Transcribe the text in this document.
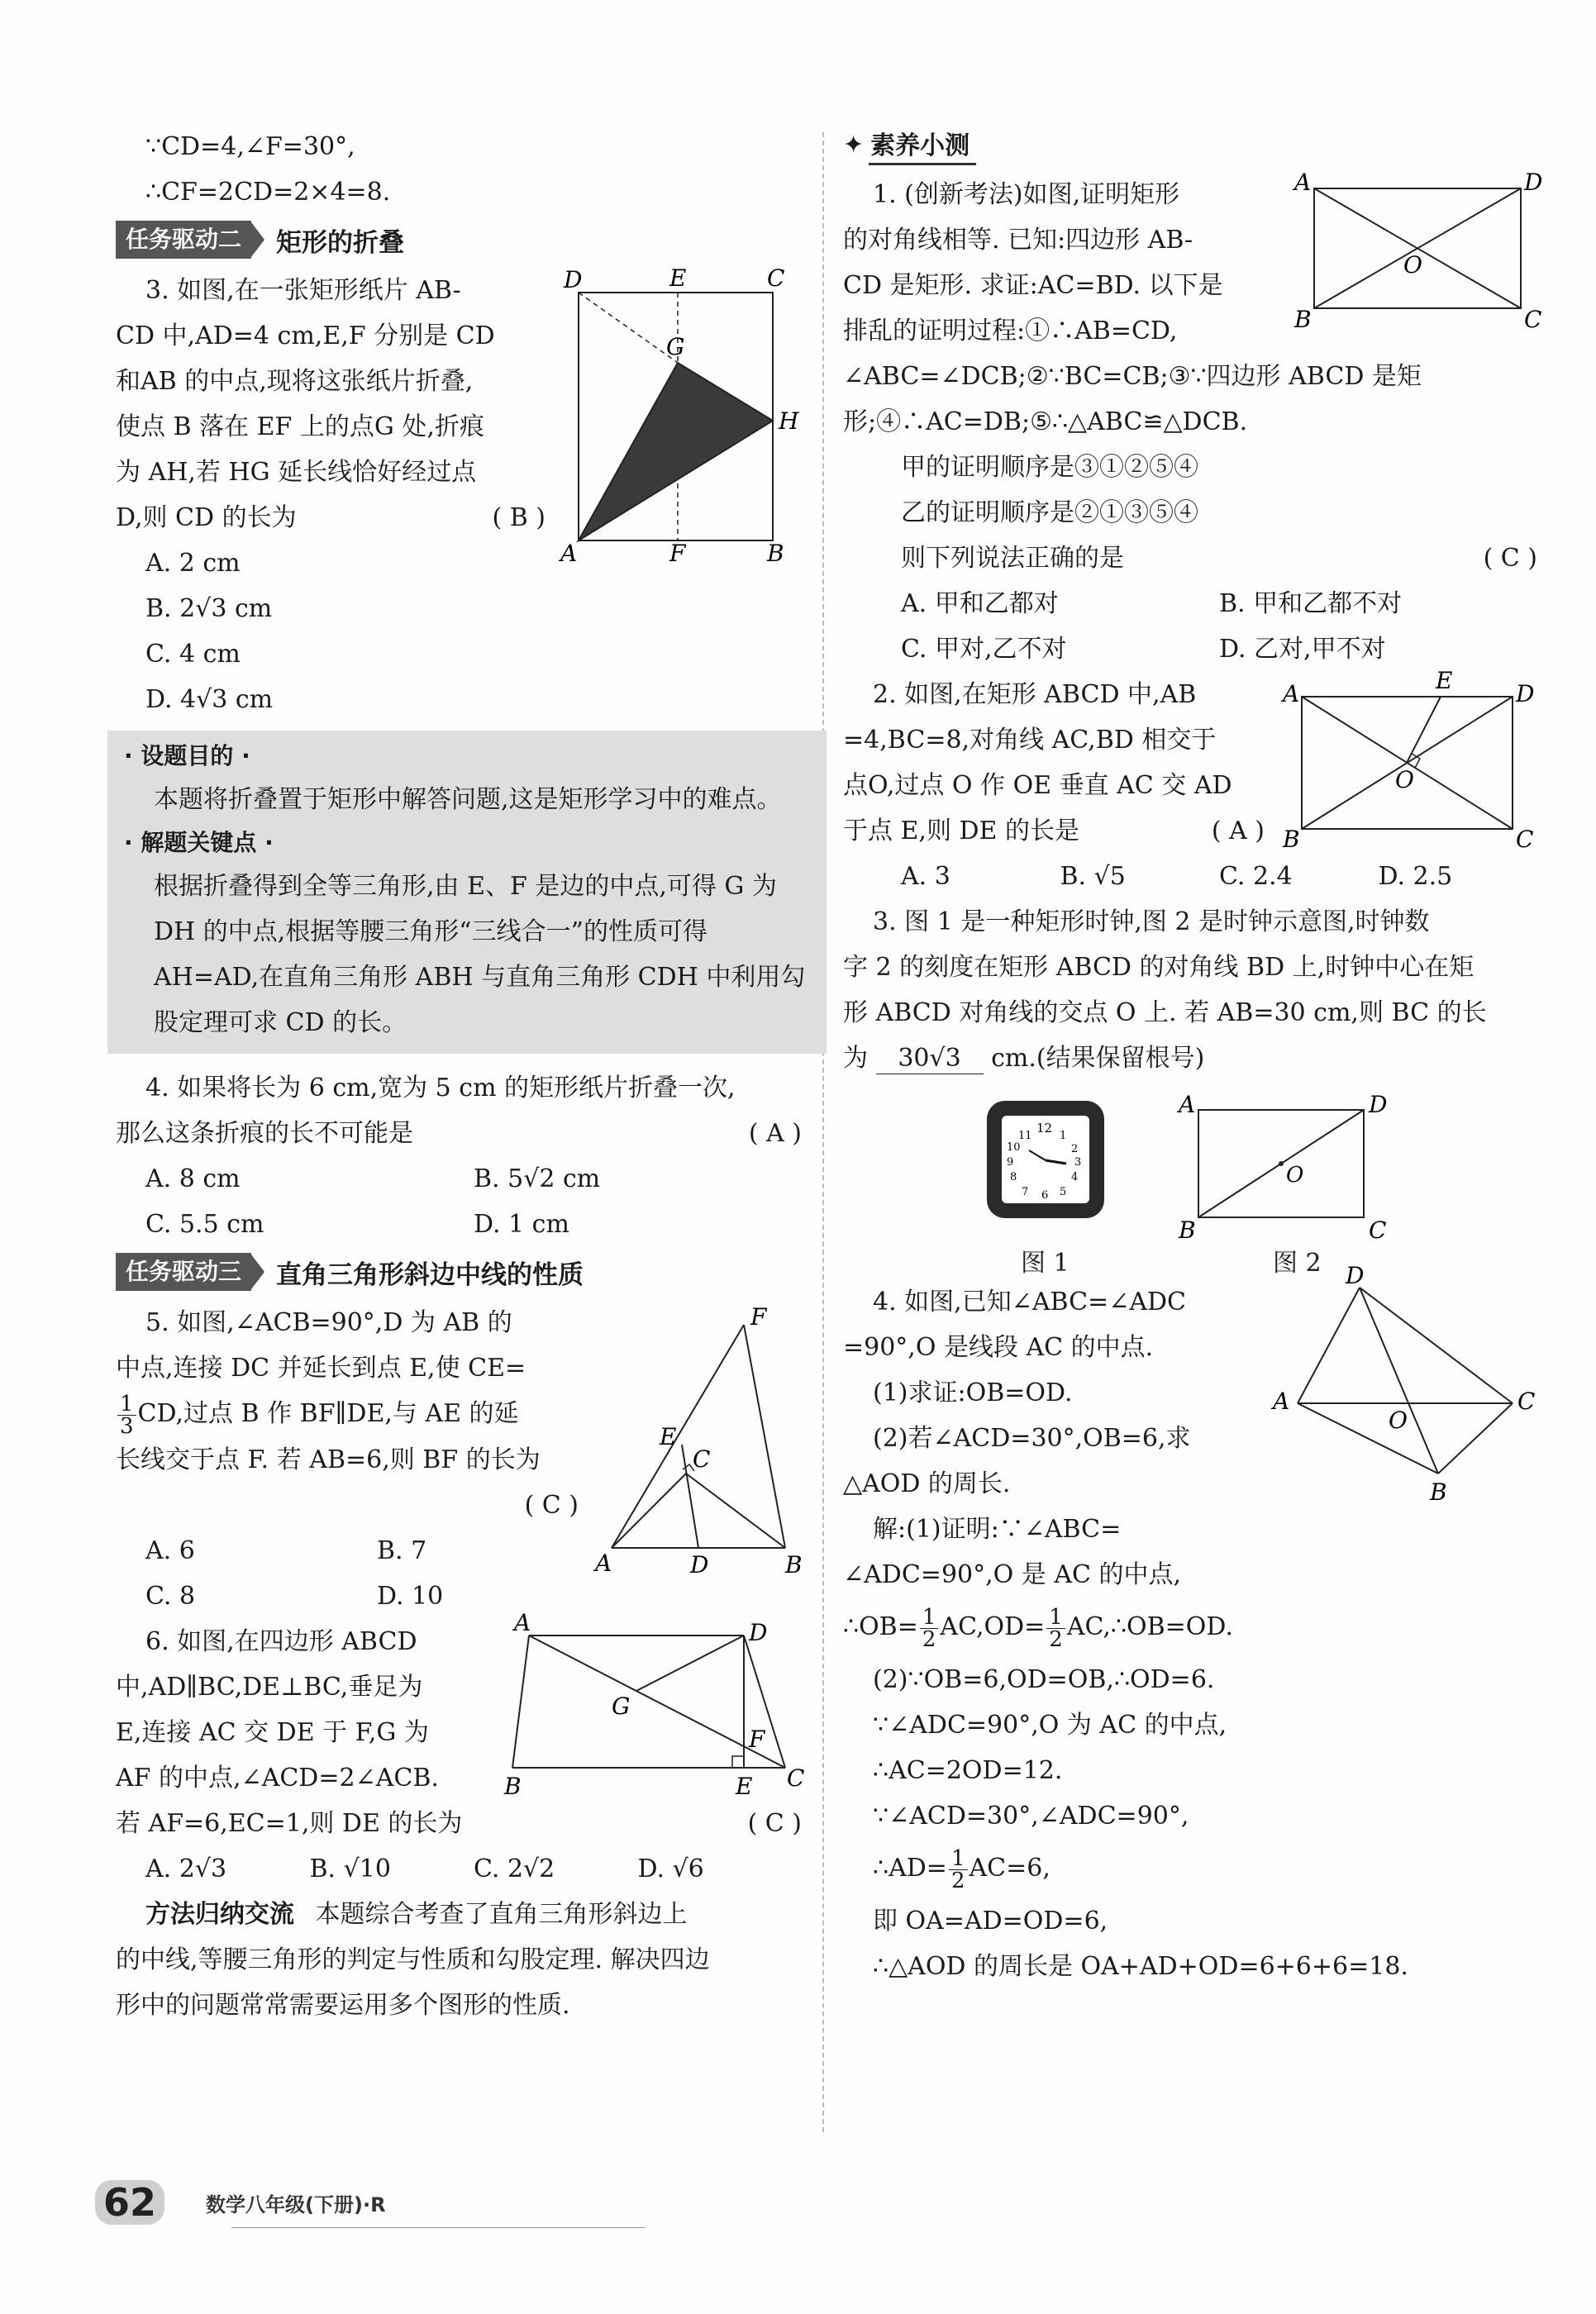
∵CD=4,∠F=30°,
∴CF=2CD=2×4=8.
任务驱动二	矩形的折叠
3. 如图,在一张矩形纸片 AB-
CD 中,AD=4 cm,E,F 分别是 CD
和AB 的中点,现将这张纸片折叠,
使点 B 落在 EF 上的点G 处,折痕
为 AH,若 HG 延长线恰好经过点
D,则 CD 的长为	( B )
A. 2 cm
B. 2√3 cm
C. 4 cm
D. 4√3 cm
D	E	C
G
H
A	F	B
· 设题目的 ·
本题将折叠置于矩形中解答问题,这是矩形学习中的难点。
· 解题关键点 ·
根据折叠得到全等三角形,由 E、F 是边的中点,可得 G 为 DH 的中点,根据等腰三角形“三线合一”的性质可得 AH=AD,在直角三角形 ABH 与直角三角形 CDH 中利用勾股定理可求 CD 的长。
4. 如果将长为 6 cm,宽为 5 cm 的矩形纸片折叠一次,
那么这条折痕的长不可能是	( A )
A. 8 cm	B. 5√2 cm
C. 5.5 cm	D. 1 cm
任务驱动三	直角三角形斜边中线的性质
5. 如图,∠ACB=90°,D 为 AB 的
中点,连接 DC 并延长到点 E,使 CE=
$\frac{1}{3}$ CD,过点 B 作 BF∥DE,与 AE 的延
长线交于点 F. 若 AB=6,则 BF 的长为
( C )
A. 6	B. 7
C. 8	D. 10
F
E
C
A	D	B
6. 如图,在四边形 ABCD
中,AD∥BC,DE⊥BC,垂足为
E,连接 AC 交 DE 于 F,G 为
AF 的中点,∠ACD=2∠ACB.
若 AF=6,EC=1,则 DE 的长为	( C )
A. 2√3	B. √10	C. 2√2	D. √6
A	D
G
F
B	E C
方法归纳交流 本题综合考查了直角三角形斜边上
的中线,等腰三角形的判定与性质和勾股定理. 解决四边
形中的问题常常需要运用多个图形的性质.
✦ 素养小测
1. (创新考法)如图,证明矩形
的对角线相等. 已知:四边形 AB-
CD 是矩形. 求证:AC=BD. 以下是
排乱的证明过程:①∴AB=CD,
∠ABC=∠DCB;②∵BC=CB;③∵四边形 ABCD 是矩
形;④∴AC=DB;⑤∴△ABC≌△DCB.
甲的证明顺序是③①②⑤④
乙的证明顺序是②①③⑤④
则下列说法正确的是	( C )
A. 甲和乙都对	B. 甲和乙都不对
C. 甲对,乙不对	D. 乙对,甲不对
A	D
O
B	C
2. 如图,在矩形 ABCD 中,AB
=4,BC=8,对角线 AC,BD 相交于
点O,过点 O 作 OE 垂直 AC 交 AD
于点 E,则 DE 的长是	( A )
A. 3	B. √5	C. 2.4	D. 2.5
A	E	D
O
B	C
3. 图 1 是一种矩形时钟,图 2 是时钟示意图,时钟数
字 2 的刻度在矩形 ABCD 的对角线 BD 上,时钟中心在矩
形 ABCD 对角线的交点 O 上. 若 AB=30 cm,则 BC 的长
为 30√3 cm.(结果保留根号)
12
1
2
3
4
5
6
7
8
9
10
11
A	D
O
B	C
图 1	图 2
4. 如图,已知∠ABC=∠ADC
=90°,O 是线段 AC 的中点.
(1)求证:OB=OD.
(2)若∠ACD=30°,OB=6,求
△AOD 的周长.
D
A
O
C
B
解:(1)证明:∵∠ABC=
∠ADC=90°,O 是 AC 的中点,
∴OB= $\frac{1}{2} AC,OD= \frac{1}{2}$ AC,∴OB=OD.
(2)∵OB=6,OD=OB,∴OD=6.
∵∠ADC=90°,O 为 AC 的中点,
∴AC=2OD=12.
∵∠ACD=30°,∠ADC=90°,
∴AD= $\frac{1}{2} AC=6$,
即 OA=AD=OD=6,
∴△AOD 的周长是 OA+AD+OD=6+6+6=18.
62	数学八年级(下册)·R
